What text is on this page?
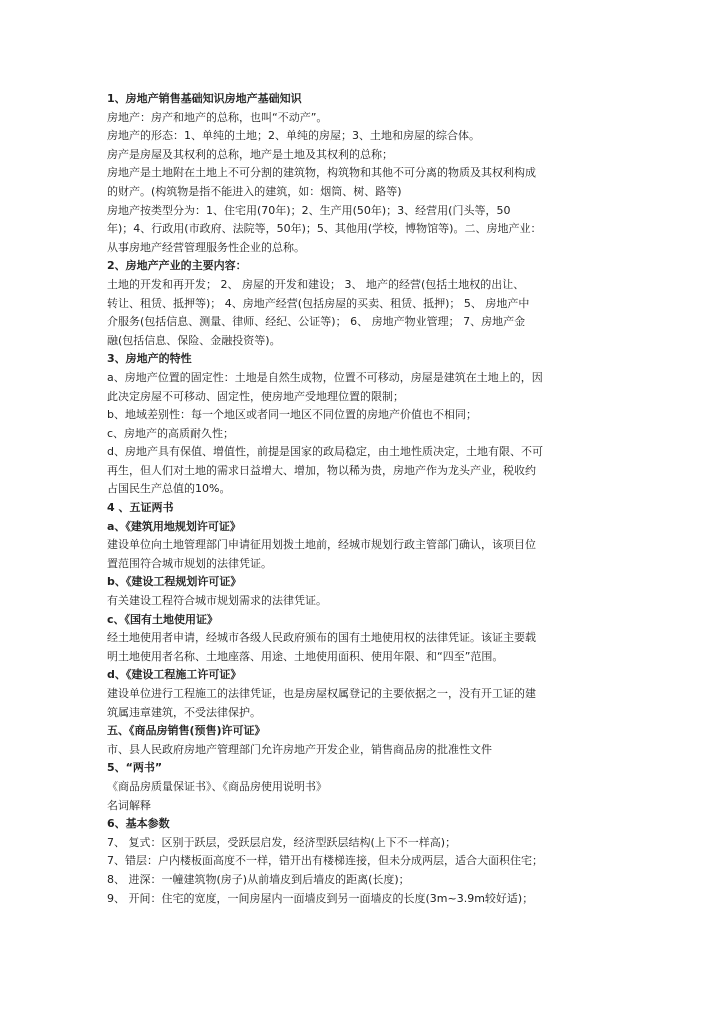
1、房地产销售基础知识房地产基础知识
房地产：房产和地产的总称，也叫“不动产”。
房地产的形态：1、单纯的土地；2、单纯的房屋；3、土地和房屋的综合体。
房产是房屋及其权利的总称，地产是土地及其权利的总称；
房地产是土地附在土地上不可分割的建筑物，构筑物和其他不可分离的物质及其权利构成
的财产。(构筑物是指不能进入的建筑，如：烟筒、树、路等)
房地产按类型分为：1、住宅用(70年)；2、生产用(50年)；3、经营用(门头等，50
年)；4、行政用(市政府、法院等，50年)；5、其他用(学校，博物馆等)。二、房地产业：
从事房地产经营管理服务性企业的总称。
2、房地产产业的主要内容：
土地的开发和再开发； 2、 房屋的开发和建设； 3、 地产的经营(包括土地权的出让、
转让、租赁、抵押等)； 4、房地产经营(包括房屋的买卖、租赁、抵押)； 5、 房地产中
介服务(包括信息、测量、律师、经纪、公证等)； 6、 房地产物业管理； 7、房地产金
融(包括信息、保险、金融投资等)。
3、房地产的特性
a、房地产位置的固定性：土地是自然生成物，位置不可移动，房屋是建筑在土地上的，因
此决定房屋不可移动、固定性，使房地产受地理位置的限制；
b、地域差别性：每一个地区或者同一地区不同位置的房地产价值也不相同；
c、房地产的高质耐久性；
d、房地产具有保值、增值性，前提是国家的政局稳定，由土地性质决定，土地有限、不可
再生，但人们对土地的需求日益增大、增加，物以稀为贵，房地产作为龙头产业，税收约
占国民生产总值的10%。
4 、五证两书
a、《建筑用地规划许可证》
建设单位向土地管理部门申请征用划拨土地前，经城市规划行政主管部门确认，该项目位
置范围符合城市规划的法律凭证。
b、《建设工程规划许可证》
有关建设工程符合城市规划需求的法律凭证。
c、《国有土地使用证》
经土地使用者申请，经城市各级人民政府颁布的国有土地使用权的法律凭证。该证主要载
明土地使用者名称、土地座落、用途、土地使用面积、使用年限、和“四至”范围。
d、《建设工程施工许可证》
建设单位进行工程施工的法律凭证，也是房屋权属登记的主要依据之一，没有开工证的建
筑属违章建筑，不受法律保护。
五、《商品房销售(预售)许可证》
市、县人民政府房地产管理部门允许房地产开发企业，销售商品房的批准性文件
5、“两书”
《商品房质量保证书》、《商品房使用说明书》
名词解释
6、基本参数
7、 复式：区别于跃层，受跃层启发，经济型跃层结构(上下不一样高)；
7、错层：户内楼板面高度不一样，错开出有楼梯连接，但未分成两层，适合大面积住宅；
8、 进深：一幢建筑物(房子)从前墙皮到后墙皮的距离(长度)；
9、 开间：住宅的宽度，一间房屋内一面墙皮到另一面墙皮的长度(3m~3.9m较好适)；
